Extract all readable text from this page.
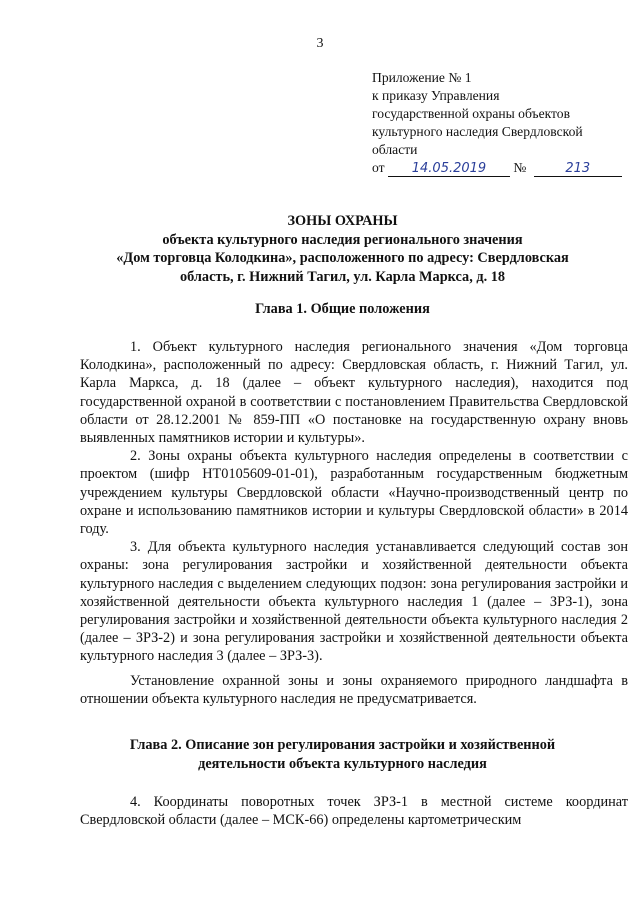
3
Приложение № 1
к приказу Управления
государственной охраны объектов
культурного наследия Свердловской
области
от 14.05.2019 №	213
ЗОНЫ ОХРАНЫ
объекта культурного наследия регионального значения
«Дом торговца Колодкина», расположенного по адресу: Свердловская
область, г. Нижний Тагил, ул. Карла Маркса, д. 18
Глава 1. Общие положения

1. Объект культурного наследия регионального значения «Дом торговца Колодкина», расположенный по адресу: Свердловская область, г. Нижний Тагил, ул. Карла Маркса, д. 18 (далее – объект культурного наследия), находится под государственной охраной в соответствии с постановлением Правительства Свердловской области от 28.12.2001 № 859-ПП «О постановке на государственную охрану вновь выявленных памятников истории и культуры».

2. Зоны охраны объекта культурного наследия определены в соответствии с проектом (шифр НТ0105609-01-01), разработанным государственным бюджетным учреждением культуры Свердловской области «Научно-производственный центр по охране и использованию памятников истории и культуры Свердловской области» в 2014 году.

3. Для объекта культурного наследия устанавливается следующий состав зон охраны: зона регулирования застройки и хозяйственной деятельности объекта культурного наследия с выделением следующих подзон: зона регулирования застройки и хозяйственной деятельности объекта культурного наследия 1 (далее – ЗРЗ-1), зона регулирования застройки и хозяйственной деятельности объекта культурного наследия 2 (далее – ЗРЗ-2) и зона регулирования застройки и хозяйственной деятельности объекта культурного наследия 3 (далее – ЗРЗ-3).

Установление охранной зоны и зоны охраняемого природного ландшафта в отношении объекта культурного наследия не предусматривается.

Глава 2. Описание зон регулирования застройки и хозяйственной
деятельности объекта культурного наследия

4. Координаты поворотных точек ЗРЗ-1 в местной системе координат Свердловской области (далее – МСК-66) определены картометрическим
